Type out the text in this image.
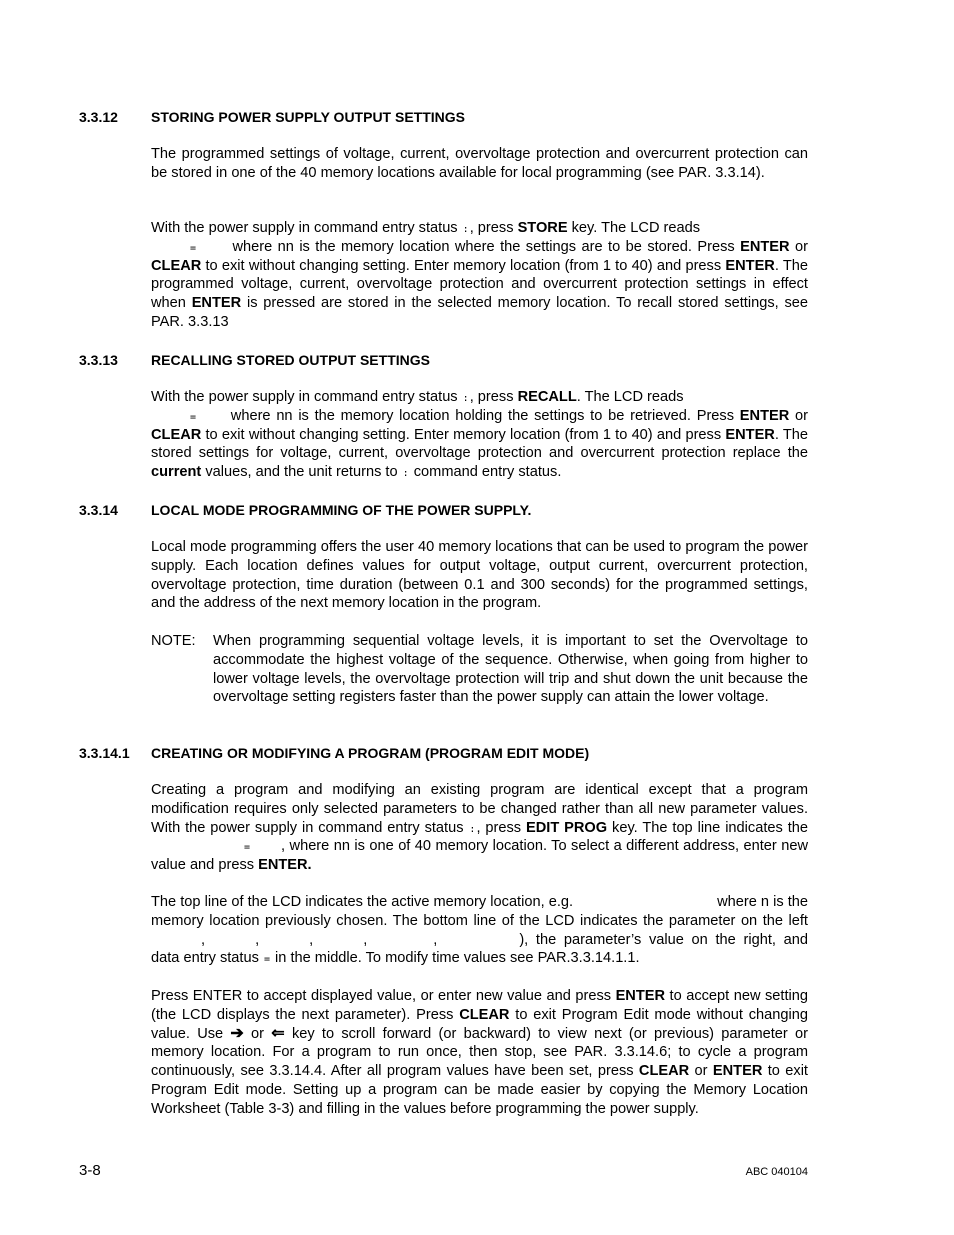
3.3.12 STORING POWER SUPPLY OUTPUT SETTINGS
The programmed settings of voltage, current, overvoltage protection and overcurrent protection can be stored in one of the 40 memory locations available for local programming (see PAR. 3.3.14).
With the power supply in command entry status :, press STORE key. The LCD reads
= where nn is the memory location where the settings are to be stored. Press ENTER or CLEAR to exit without changing setting. Enter memory location (from 1 to 40) and press ENTER. The programmed voltage, current, overvoltage protection and overcurrent protection settings in effect when ENTER is pressed are stored in the selected memory location. To recall stored settings, see PAR. 3.3.13
3.3.13 RECALLING STORED OUTPUT SETTINGS
With the power supply in command entry status :, press RECALL. The LCD reads
= where nn is the memory location holding the settings to be retrieved. Press ENTER or CLEAR to exit without changing setting. Enter memory location (from 1 to 40) and press ENTER. The stored settings for voltage, current, overvoltage protection and overcurrent protection replace the current values, and the unit returns to : command entry status.
3.3.14 LOCAL MODE PROGRAMMING OF THE POWER SUPPLY.
Local mode programming offers the user 40 memory locations that can be used to program the power supply. Each location defines values for output voltage, output current, overcurrent protection, overvoltage protection, time duration (between 0.1 and 300 seconds) for the programmed settings, and the address of the next memory location in the program.
NOTE: When programming sequential voltage levels, it is important to set the Overvoltage to accommodate the highest voltage of the sequence. Otherwise, when going from higher to lower voltage levels, the overvoltage protection will trip and shut down the unit because the overvoltage setting registers faster than the power supply can attain the lower voltage.
3.3.14.1 CREATING OR MODIFYING A PROGRAM (PROGRAM EDIT MODE)
Creating a program and modifying an existing program are identical except that a program modification requires only selected parameters to be changed rather than all new parameter values. With the power supply in command entry status :, press EDIT PROG key. The top line indicates the= , where nn is one of 40 memory location. To select a different address, enter new value and press ENTER.
The top line of the LCD indicates the active memory location, e.g.	where n is the memory location previously chosen. The bottom line of the LCD indicates the parameter on the left,	,	,	,	,	), the parameter’s value on the right, and data entry status = in the middle. To modify time values see PAR.3.3.14.1.1.
Press ENTER to accept displayed value, or enter new value and press ENTER to accept new setting (the LCD displays the next parameter). Press CLEAR to exit Program Edit mode without changing value. Use ➔ or ⇐ key to scroll forward (or backward) to view next (or previous) parameter or memory location. For a program to run once, then stop, see PAR. 3.3.14.6; to cycle a program continuously, see 3.3.14.4. After all program values have been set, press CLEAR or ENTER to exit Program Edit mode. Setting up a program can be made easier by copying the Memory Location Worksheet (Table 3-3) and filling in the values before programming the power supply.
3-8	ABC 040104
